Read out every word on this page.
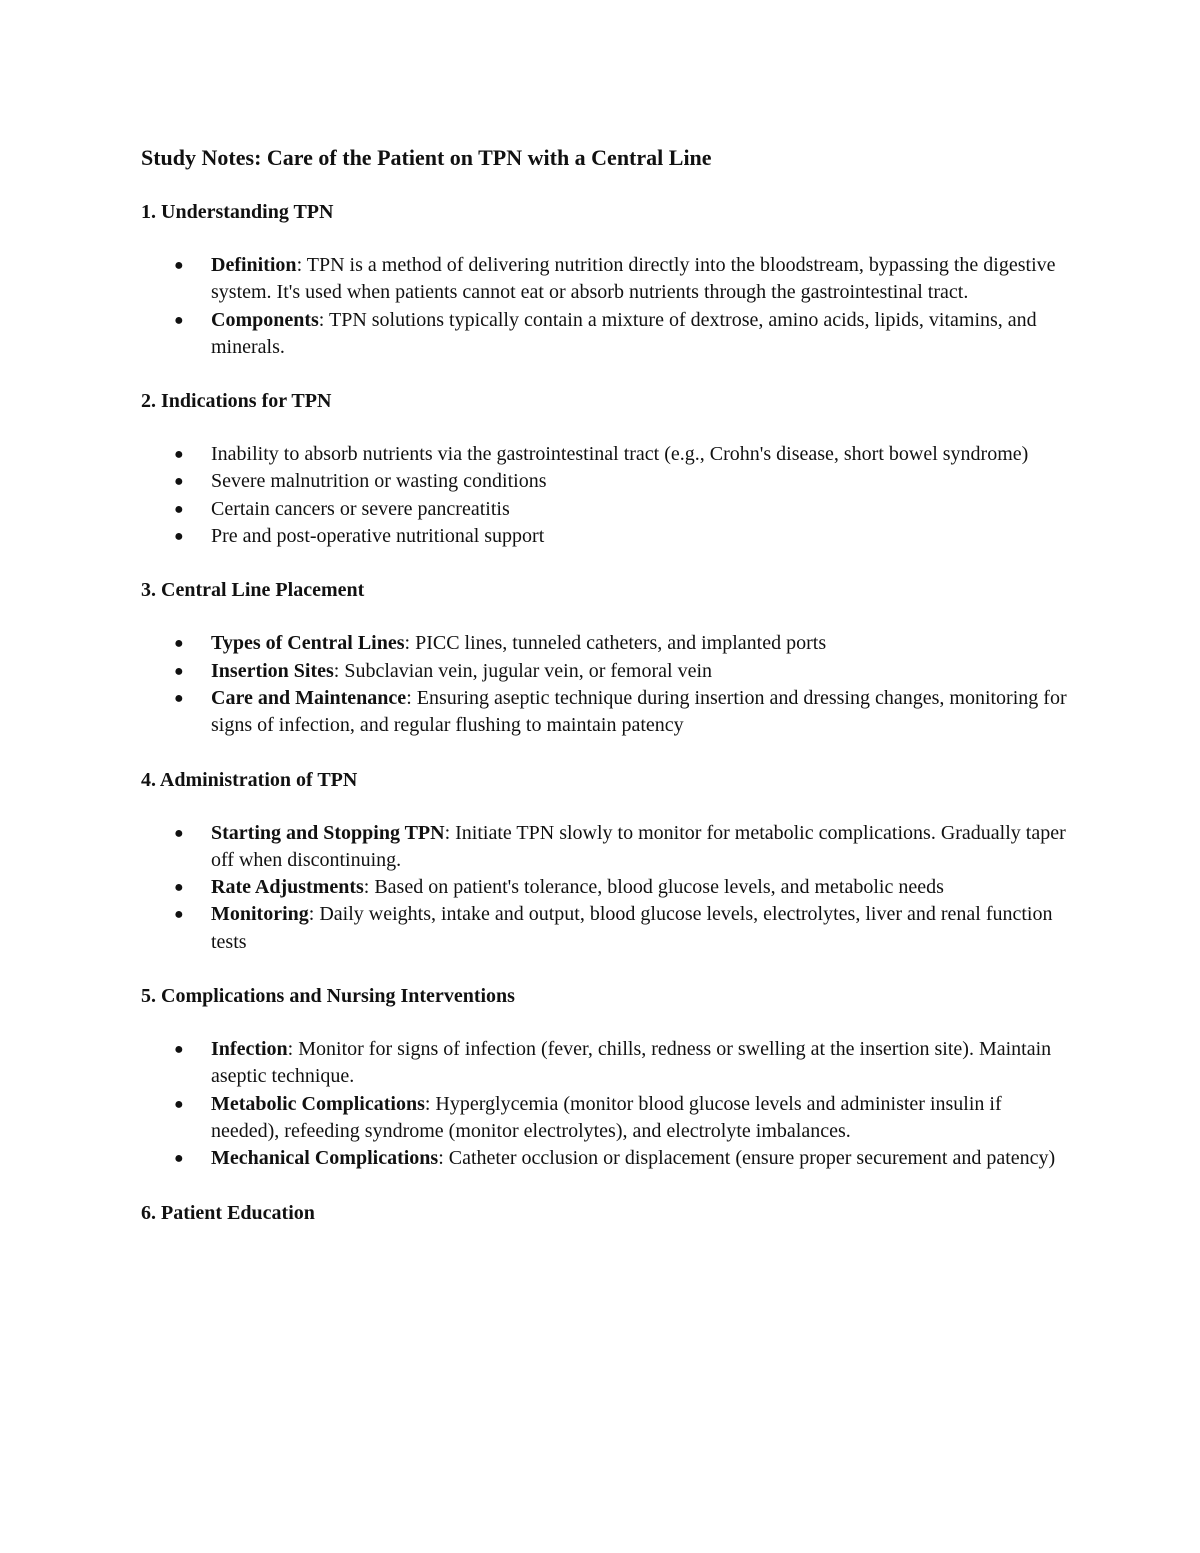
Study Notes: Care of the Patient on TPN with a Central Line
1. Understanding TPN
● Definition: TPN is a method of delivering nutrition directly into the bloodstream, bypassing the digestive system. It's used when patients cannot eat or absorb nutrients through the gastrointestinal tract.
● Components: TPN solutions typically contain a mixture of dextrose, amino acids, lipids, vitamins, and minerals.
2. Indications for TPN
● Inability to absorb nutrients via the gastrointestinal tract (e.g., Crohn's disease, short bowel syndrome)
● Severe malnutrition or wasting conditions
● Certain cancers or severe pancreatitis
● Pre and post-operative nutritional support
3. Central Line Placement
● Types of Central Lines: PICC lines, tunneled catheters, and implanted ports
● Insertion Sites: Subclavian vein, jugular vein, or femoral vein
● Care and Maintenance: Ensuring aseptic technique during insertion and dressing changes, monitoring for signs of infection, and regular flushing to maintain patency
4. Administration of TPN
● Starting and Stopping TPN: Initiate TPN slowly to monitor for metabolic complications. Gradually taper off when discontinuing.
● Rate Adjustments: Based on patient's tolerance, blood glucose levels, and metabolic needs
● Monitoring: Daily weights, intake and output, blood glucose levels, electrolytes, liver and renal function tests
5. Complications and Nursing Interventions
● Infection: Monitor for signs of infection (fever, chills, redness or swelling at the insertion site). Maintain aseptic technique.
● Metabolic Complications: Hyperglycemia (monitor blood glucose levels and administer insulin if needed), refeeding syndrome (monitor electrolytes), and electrolyte imbalances.
● Mechanical Complications: Catheter occlusion or displacement (ensure proper securement and patency)
6. Patient Education
